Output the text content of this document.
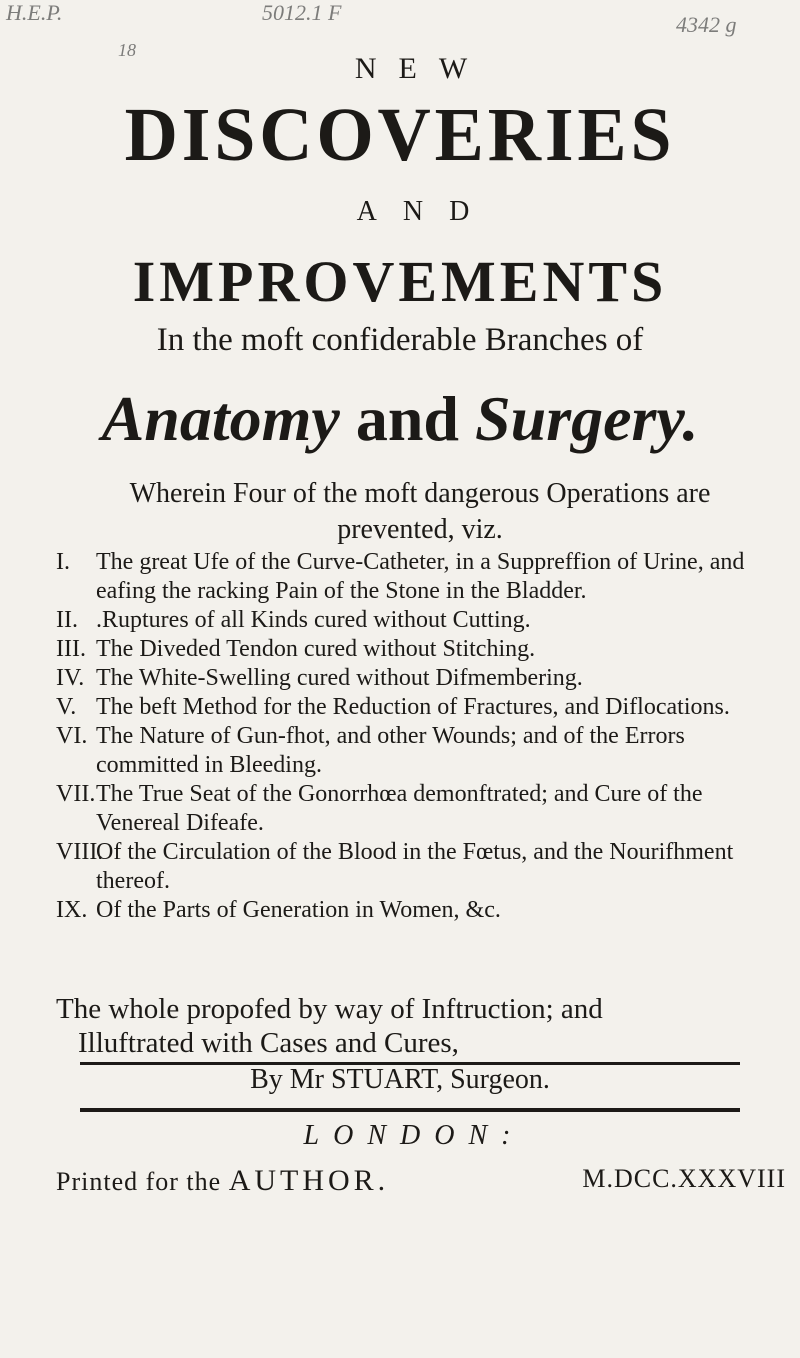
H.E.P.	5012.1 F	4342 g
18
NEW
DISCOVERIES
AND
IMPROVEMENTS
In the moft confiderable Branches of
Anatomy and Surgery.
Wherein Four of the moft dangerous Operations are prevented, viz.
I.	The great Ufe of the Curve-Catheter, in a Suppreffion of Urine, and eafing the racking Pain of the Stone in the Bladder.
II. .Ruptures of all Kinds cured without Cutting.
III. The Diveded Tendon cured without Stitching.
IV. The White-Swelling cured without Difmembering.
V. The beft Method for the Reduction of Fractures, and Diflocations.
VI. The Nature of Gun-fhot, and other Wounds; and of the Errors committed in Bleeding.
VII. The True Seat of the Gonorrhœa demonftrated; and Cure of the Venereal Difeafe.
VIII.
Of the Circulation of the Blood in the Fœtus, and the Nourifhment thereof.
IX. Of the Parts of Generation in Women, &c.
The whole propofed by way of Inftruction; and
Illuftrated with Cases and Cures,
By Mr STUART, Surgeon.
LONDON:
Printed for the AUTHOR.	M.DCC.XXXVIII
